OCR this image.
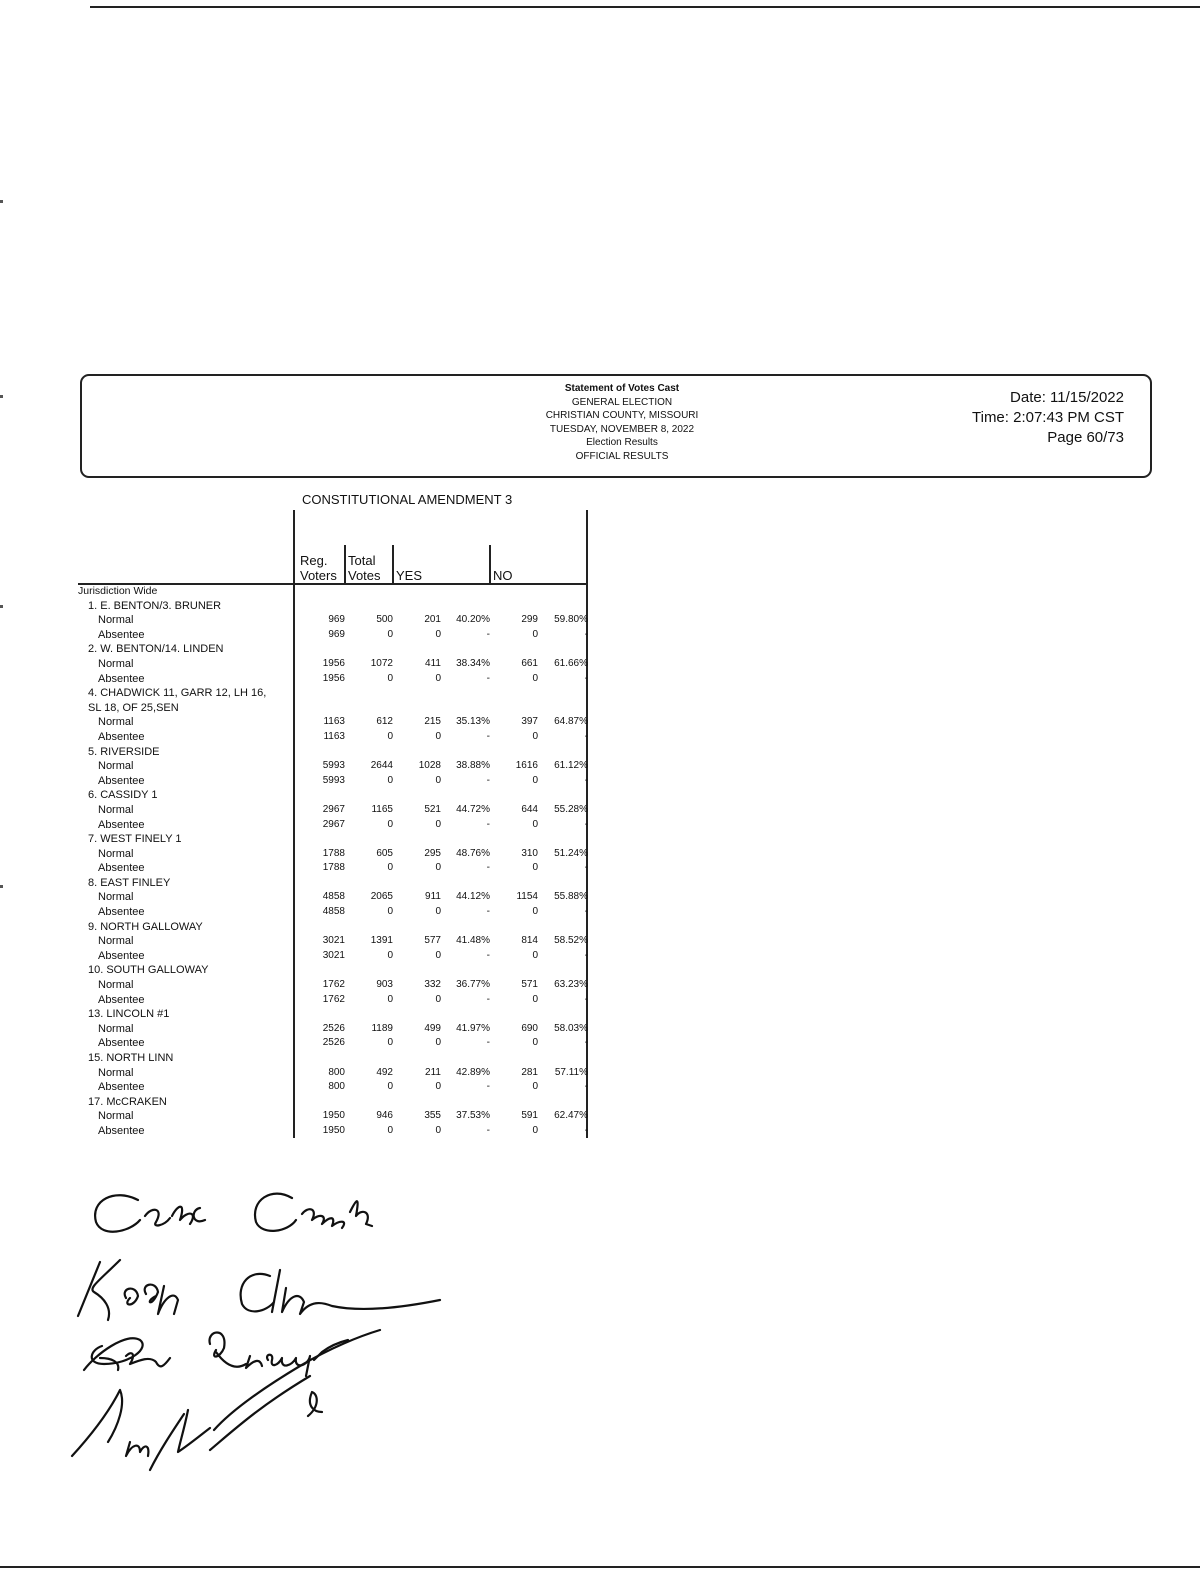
Statement of Votes Cast
GENERAL ELECTION
CHRISTIAN COUNTY, MISSOURI
TUESDAY, NOVEMBER 8, 2022
Election Results
OFFICIAL RESULTS
Date: 11/15/2022
Time: 2:07:43 PM CST
Page 60/73
CONSTITUTIONAL AMENDMENT 3
Reg.
Voters
Total
Votes YES	NO
Jurisdiction Wide
1. E. BENTON/3. BRUNER
Normal	969	500	201 40.20%	299 59.80%
Absentee	969	0	0	-	0	-
2. W. BENTON/14. LINDEN
Normal	1956	1072	411 38.34%	661 61.66%
Absentee	1956	0	0	-	0	-
4. CHADWICK 11, GARR 12, LH 16,
SL 18, OF 25,SEN
Normal	1163	612	215 35.13%	397 64.87%
Absentee	1163	0	0	-	0	-
5. RIVERSIDE
Normal	5993	2644	1028 38.88%	1616 61.12%
Absentee	5993	0	0	-	0	-
6. CASSIDY 1
Normal	2967	1165	521 44.72%	644 55.28%
Absentee	2967	0	0	-	0	-
7. WEST FINELY 1
Normal	1788	605	295 48.76%	310 51.24%
Absentee	1788	0	0	-	0	-
8. EAST FINLEY
Normal	4858	2065	911 44.12%	1154 55.88%
Absentee	4858	0	0	-	0	-
9. NORTH GALLOWAY
Normal	3021	1391	577 41.48%	814 58.52%
Absentee	3021	0	0	-	0	-
10. SOUTH GALLOWAY
Normal	1762	903	332 36.77%	571 63.23%
Absentee	1762	0	0	-	0	-
13. LINCOLN #1
Normal	2526	1189	499 41.97%	690 58.03%
Absentee	2526	0	0	-	0	-
15. NORTH LINN
Normal	800	492	211 42.89%	281 57.11%
Absentee	800	0	0	-	0	-
17. McCRAKEN
Normal	1950	946	355 37.53%	591 62.47%
Absentee	1950	0	0	-	0	-
